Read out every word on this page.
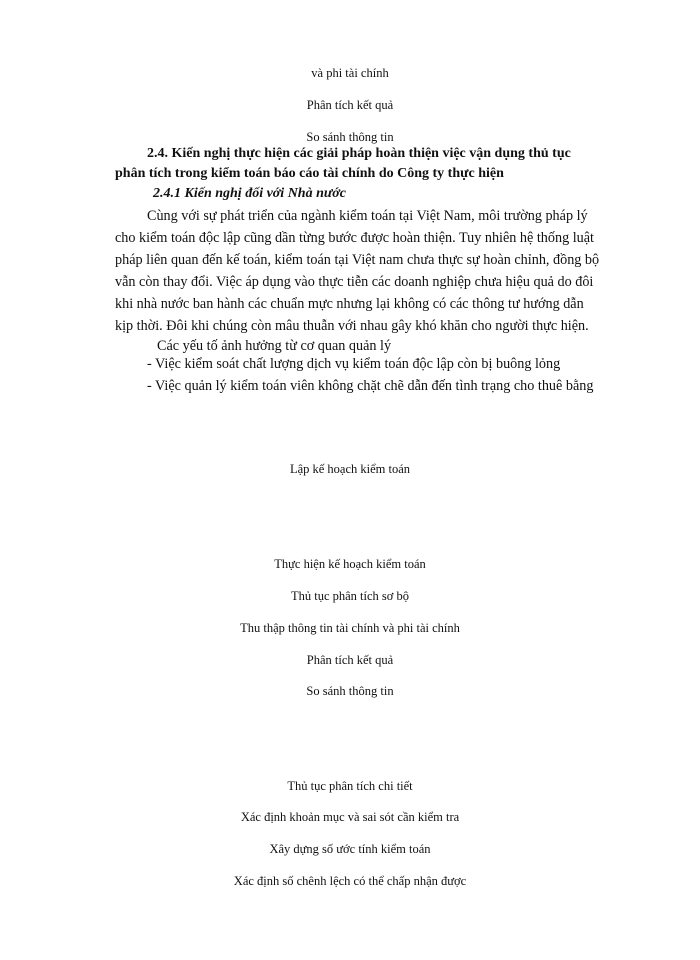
và phi tài chính
Phân tích kết quả
So sánh thông tin
2.4. Kiến nghị thực hiện các giải pháp hoàn thiện việc vận dụng thủ tục
phân tích trong kiểm toán báo cáo tài chính do Công ty thực hiện
2.4.1 Kiến nghị đối với Nhà nước
Cùng với sự phát triển của ngành kiểm toán tại Việt Nam, môi trường pháp lý
cho kiểm toán độc lập cũng dần từng bước được hoàn thiện. Tuy nhiên hệ thống luật
pháp liên quan đến kế toán, kiểm toán tại Việt nam chưa thực sự hoàn chỉnh, đồng bộ
vẫn còn thay đổi. Việc áp dụng vào thực tiễn các doanh nghiệp chưa hiệu quả do đôi
khi nhà nước ban hành các chuẩn mực nhưng lại không có các thông tư hướng dẫn
kịp thời. Đôi khi chúng còn mâu thuẫn với nhau gây khó khăn cho người thực hiện.
Các yếu tố ảnh hưởng từ cơ quan quản lý
- Việc kiểm soát chất lượng dịch vụ kiểm toán độc lập còn bị buông lỏng
- Việc quản lý kiểm toán viên không chặt chẽ dẫn đến tình trạng cho thuê bằng
Lập kế hoạch kiểm toán
Thực hiện kế hoạch kiểm toán
Thủ tục phân tích sơ bộ
Thu thập thông tin tài chính và phi tài chính
Phân tích kết quả
So sánh thông tin
Thủ tục phân tích chi tiết
Xác định khoản mục và sai sót cần kiểm tra
Xây dựng số ước tính kiểm toán
Xác định số chênh lệch có thể chấp nhận được
